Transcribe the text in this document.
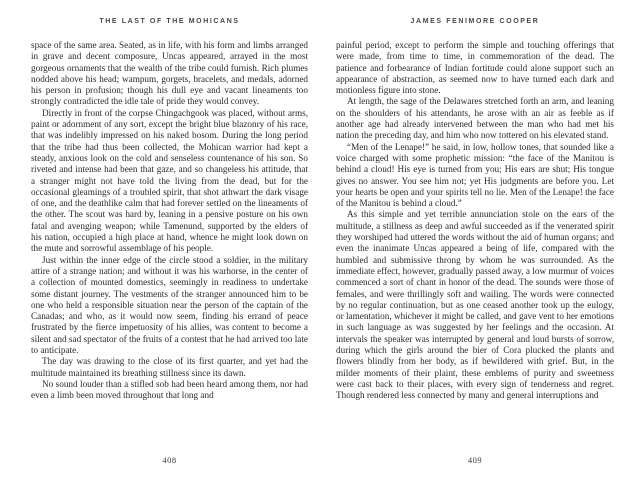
THE LAST OF THE MOHICANS

space of the same area. Seated, as in life, with his form and limbs arranged in grave and decent composure, Uncas appeared, arrayed in the most gorgeous ornaments that the wealth of the tribe could furnish. Rich plumes nodded above his head; wampum, gorgets, bracelets, and medals, adorned his person in profusion; though his dull eye and vacant lineaments too strongly contradicted the idle tale of pride they would convey.

Directly in front of the corpse Chingachgook was placed, without arms, paint or adornment of any sort, except the bright blue blazonry of his race, that was indelibly impressed on his naked bosom. During the long period that the tribe had thus been collected, the Mohican warrior had kept a steady, anxious look on the cold and senseless countenance of his son. So riveted and intense had been that gaze, and so changeless his attitude, that a stranger might not have told the living from the dead, but for the occasional gleamings of a troubled spirit, that shot athwart the dark visage of one, and the deathlike calm that had forever settled on the lineaments of the other. The scout was hard by, leaning in a pensive posture on his own fatal and avenging weapon; while Tamenund, supported by the elders of his nation, occupied a high place at hand, whence he might look down on the mute and sorrowful assemblage of his people.

Just within the inner edge of the circle stood a soldier, in the military attire of a strange nation; and without it was his warhorse, in the center of a collection of mounted domestics, seemingly in readiness to undertake some distant journey. The vestments of the stranger announced him to be one who held a responsible situation near the person of the captain of the Canadas; and who, as it would now seem, finding his errand of peace frustrated by the fierce impetuosity of his allies, was content to become a silent and sad spectator of the fruits of a contest that he had arrived too late to anticipate.

The day was drawing to the close of its first quarter, and yet had the multitude maintained its breathing stillness since its dawn.

No sound louder than a stifled sob had been heard among them, nor had even a limb been moved throughout that long and

408
JAMES FENIMORE COOPER

painful period, except to perform the simple and touching offerings that were made, from time to time, in commemoration of the dead. The patience and forbearance of Indian fortitude could alone support such an appearance of abstraction, as seemed now to have turned each dark and motionless figure into stone.

At length, the sage of the Delawares stretched forth an arm, and leaning on the shoulders of his attendants, he arose with an air as feeble as if another age had already intervened between the man who had met his nation the preceding day, and him who now tottered on his elevated stand.

“Men of the Lenape!” he said, in low, hollow tones, that sounded like a voice charged with some prophetic mission: “the face of the Manitou is behind a cloud! His eye is turned from you; His ears are shut; His tongue gives no answer. You see him not; yet His judgments are before you. Let your hearts be open and your spirits tell no lie. Men of the Lenape! the face of the Manitou is behind a cloud.”

As this simple and yet terrible annunciation stole on the ears of the multitude, a stillness as deep and awful succeeded as if the venerated spirit they worshiped had uttered the words without the aid of human organs; and even the inanimate Uncas appeared a being of life, compared with the humbled and submissive throng by whom he was surrounded. As the immediate effect, however, gradually passed away, a low murmur of voices commenced a sort of chant in honor of the dead. The sounds were those of females, and were thrillingly soft and wailing. The words were connected by no regular continuation, but as one ceased another took up the eulogy, or lamentation, whichever it might be called, and gave vent to her emotions in such language as was suggested by her feelings and the occasion. At intervals the speaker was interrupted by general and loud bursts of sorrow, during which the girls around the bier of Cora plucked the plants and flowers blindly from her body, as if bewildered with grief. But, in the milder moments of their plaint, these emblems of purity and sweetness were cast back to their places, with every sign of tenderness and regret. Though rendered less connected by many and general interruptions and

409
